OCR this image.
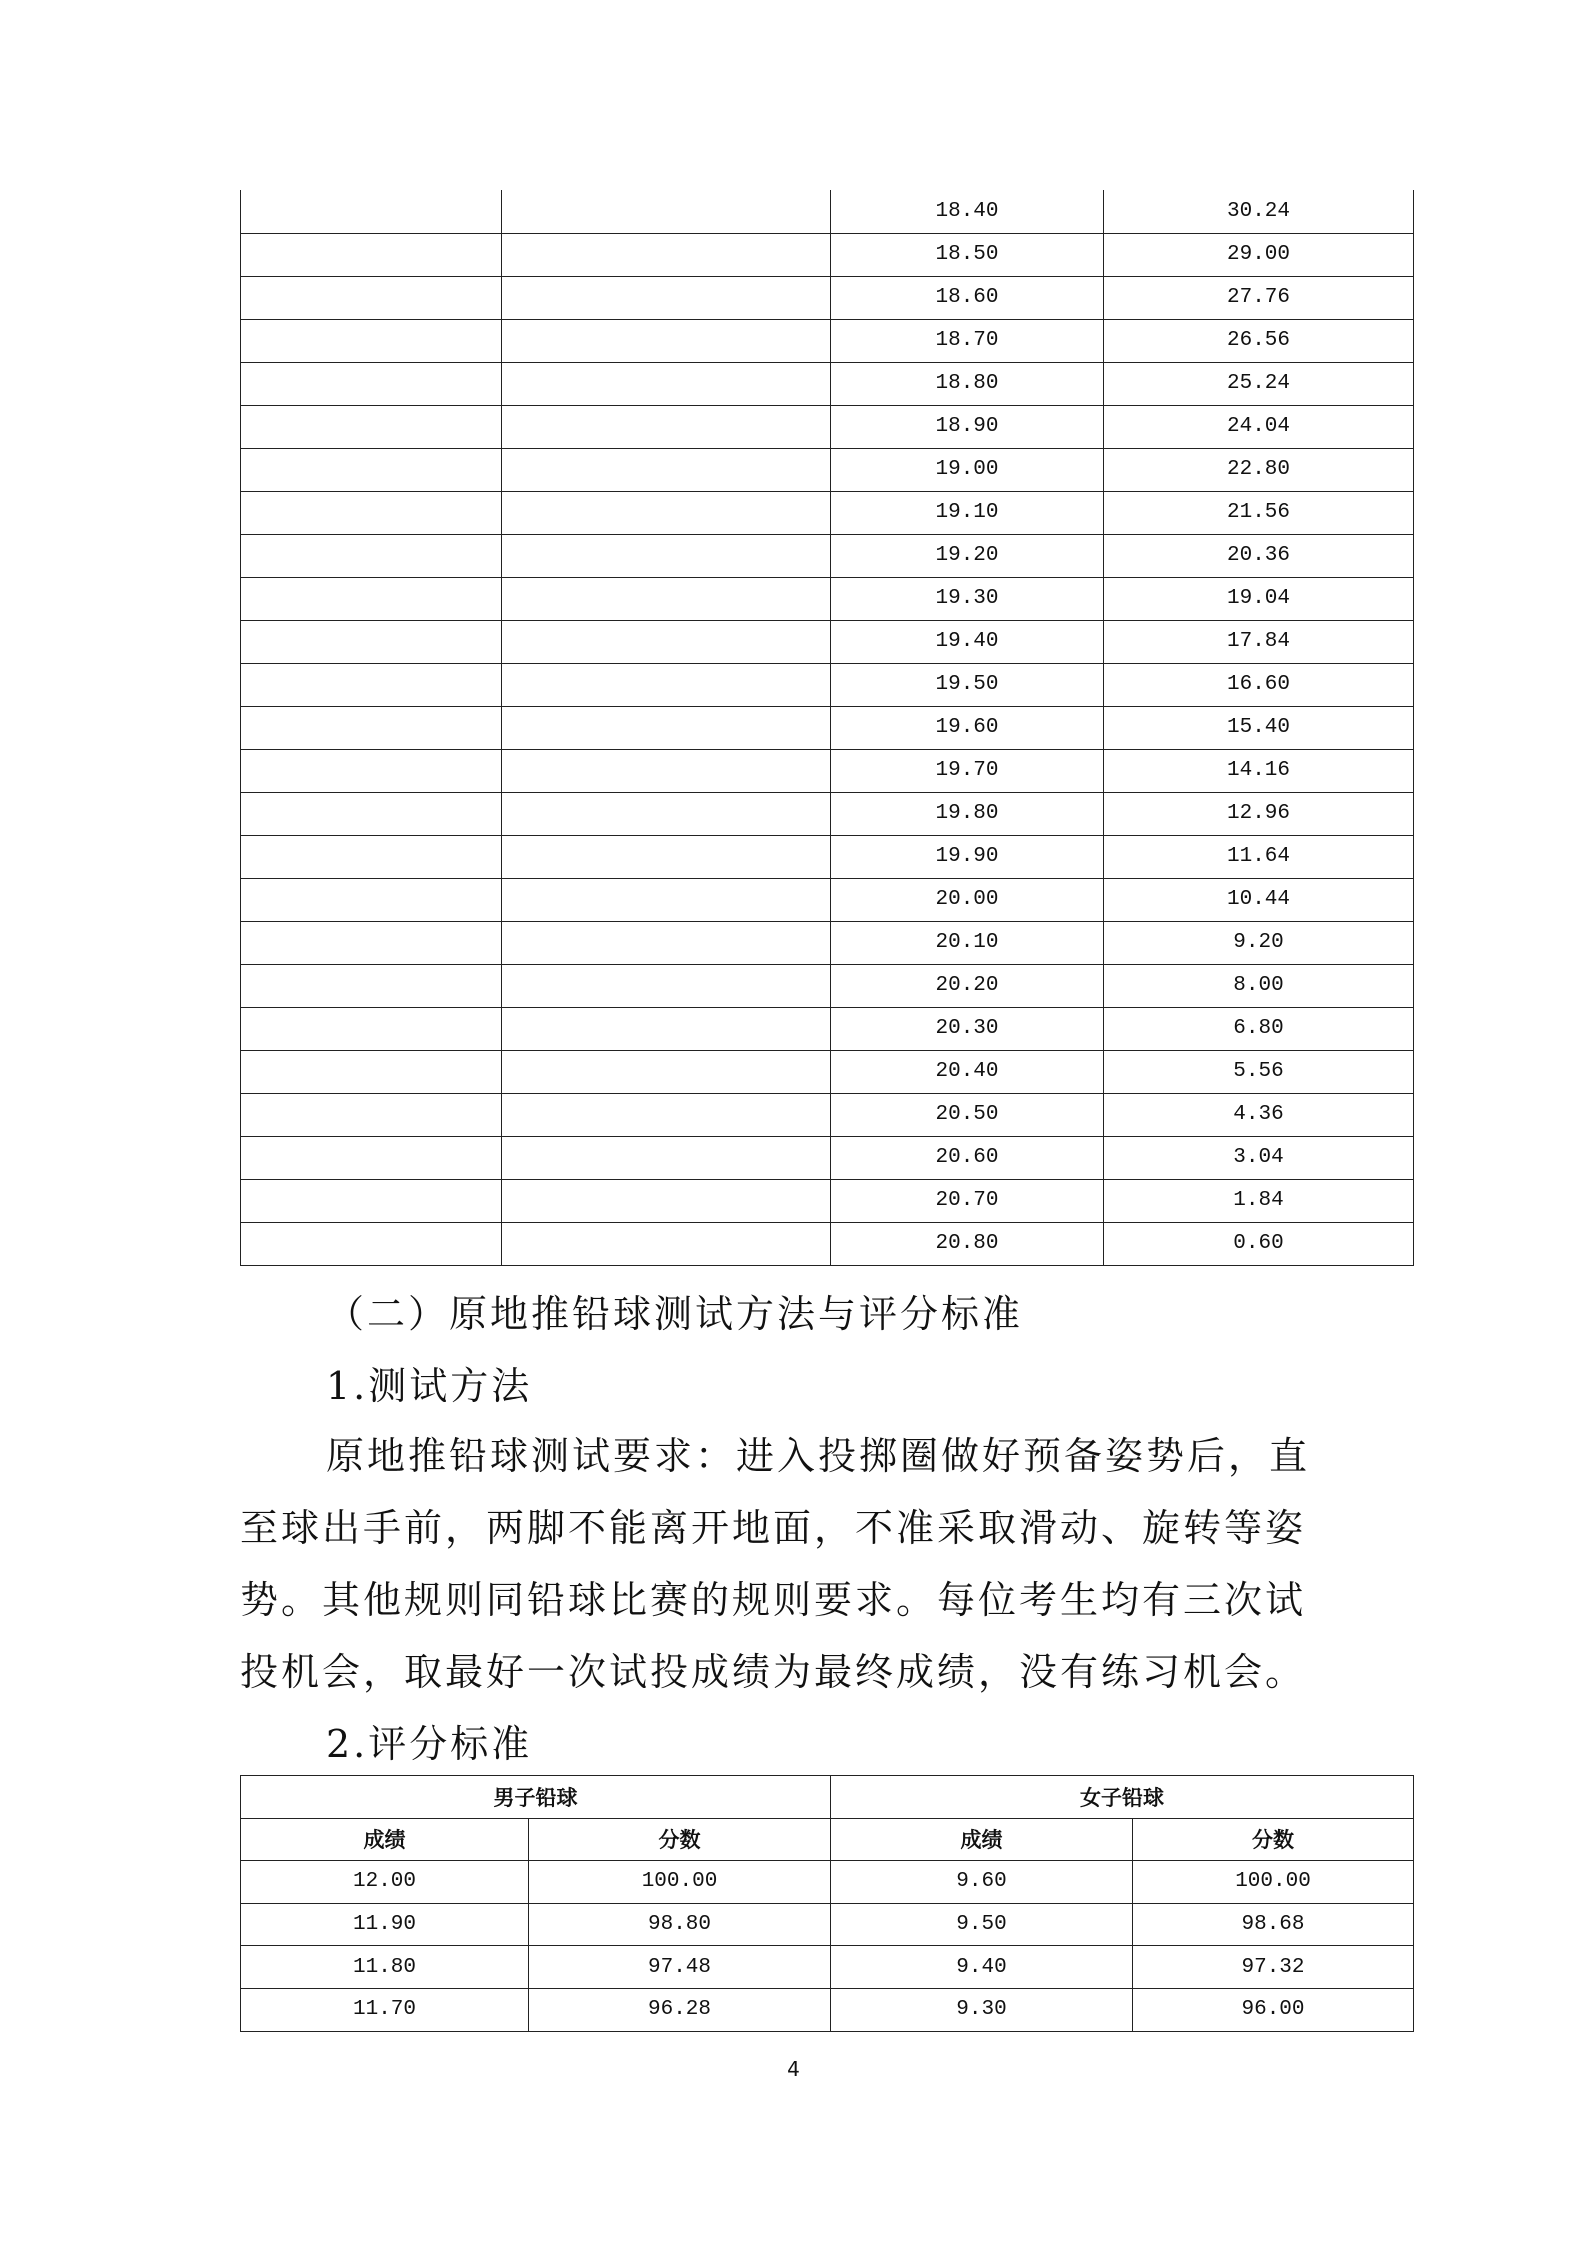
		18.40	30.24
		18.50	29.00
		18.60	27.76
		18.70	26.56
		18.80	25.24
		18.90	24.04
		19.00	22.80
		19.10	21.56
		19.20	20.36
		19.30	19.04
		19.40	17.84
		19.50	16.60
		19.60	15.40
		19.70	14.16
		19.80	12.96
		19.90	11.64
		20.00	10.44
		20.10	9.20
		20.20	8.00
		20.30	6.80
		20.40	5.56
		20.50	4.36
		20.60	3.04
		20.70	1.84
		20.80	0.60
（二）原地推铅球测试方法与评分标准
1.测试方法
原地推铅球测试要求：进入投掷圈做好预备姿势后，直
至球出手前，两脚不能离开地面，不准采取滑动、旋转等姿
势。其他规则同铅球比赛的规则要求。每位考生均有三次试
投机会，取最好一次试投成绩为最终成绩，没有练习机会。
2.评分标准
男子铅球		女子铅球	
成绩	分数	成绩	分数
12.00	100.00	9.60	100.00
11.90	98.80	9.50	98.68
11.80	97.48	9.40	97.32
11.70	96.28	9.30	96.00
4
